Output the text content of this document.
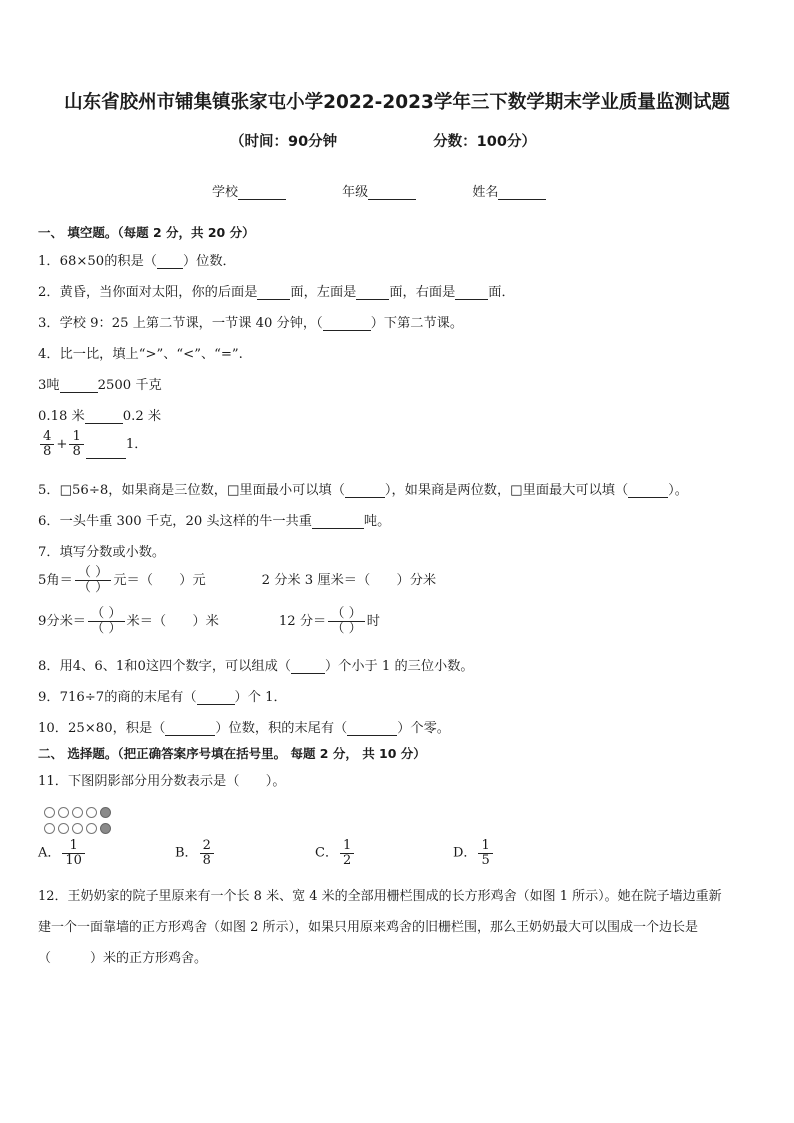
山东省胶州市铺集镇张家屯小学2022-2023学年三下数学期末学业质量监测试题
（时间：90分钟	分数：100分）
学校	年级	姓名
一、 填空题。（每题 2 分，共 20 分）
1．68×50的积是（ ）位数．
2．黄昏，当你面对太阳，你的后面是	面，左面是	面，右面是	面．
3．学校 9：25 上第二节课，一节课 40 分钟，（	）下第二节课。
4．比一比，填上“>”、“<”、“=”.
3吨	2500 千克
0.18 米	0.2 米
$\frac{4}{8} + \frac{1}{8}$	1．
5．□56÷8，如果商是三位数，□里面最小可以填（	），如果商是两位数，□里面最大可以填（	）。
6．一头牛重 300 千克，20 头这样的牛一共重	吨。
7．填写分数或小数。
5角＝ $\frac{( )}{( )}$ 元＝（　　）元	2 分米 3 厘米＝（　　）分米
9分米＝ $\frac{( )}{( )}$ 米＝（　　）米	12 分＝ $\frac{( )}{( )}$ 时
8．用4、6、1和0这四个数字，可以组成（	）个小于 1 的三位小数。
9．716÷7的商的末尾有（	）个 1．
10．25×80，积是（	）位数，积的末尾有（	）个零。
二、 选择题。（把正确答案序号填在括号里。 每题 2 分， 共 10 分）
11．下图阴影部分用分数表示是（　　）。
A． $\frac{1}{10}$	B． $\frac{2}{8}$	C． $\frac{1}{2}$	D． $\frac{1}{5}$
12．王奶奶家的院子里原来有一个长 8 米、宽 4 米的全部用栅栏围成的长方形鸡舍（如图 1 所示）。她在院子墙边重新
建一个一面靠墙的正方形鸡舍（如图 2 所示），如果只用原来鸡舍的旧栅栏围，那么王奶奶最大可以围成一个边长是
（　　　）米的正方形鸡舍。
